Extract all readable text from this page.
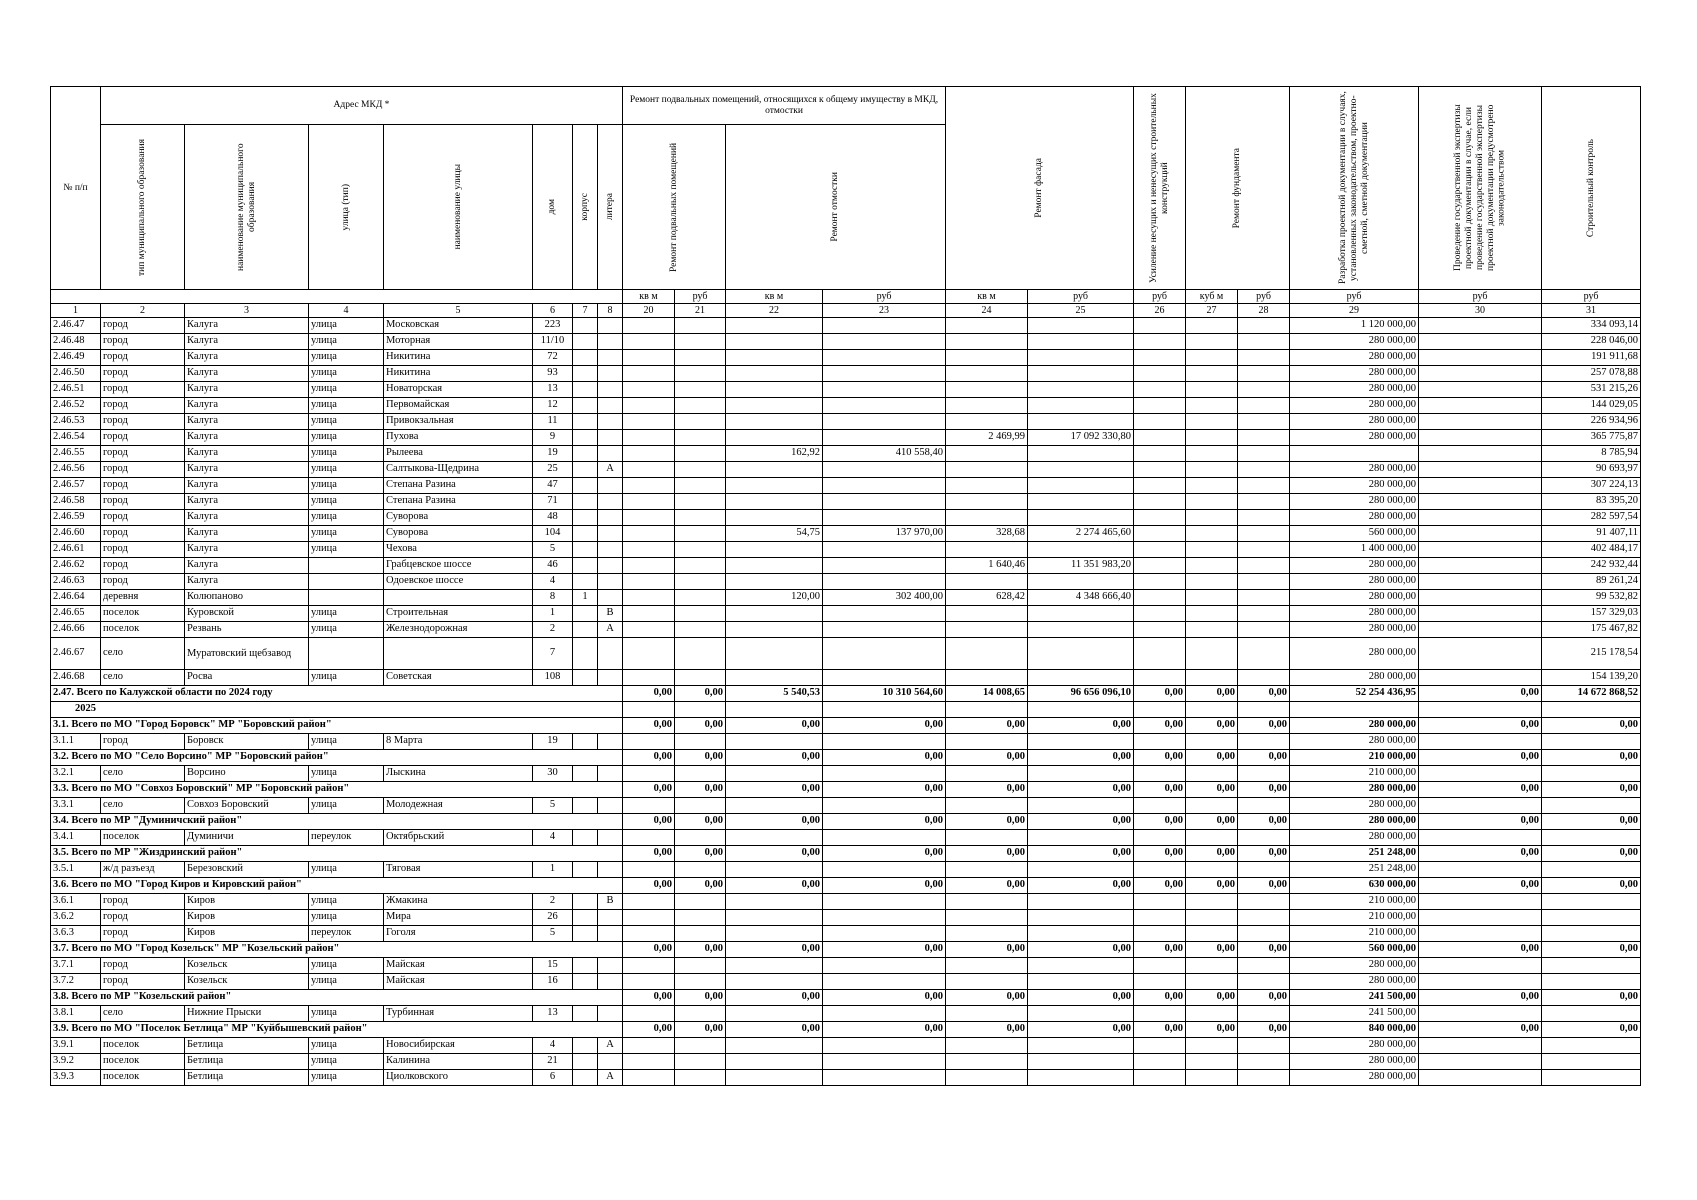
№ п/п	Адрес МКД *							Ремонт подвальных помещений, относящихся к общему имуществу в МКД, отмостки				Ремонт фасада		Усиление несущих и ненесущих строительных конструкций	Ремонт фундамента		Разработка проектной документации в случаях, установленных законодательством, проектно-сметной, сметной документации	Проведение государственной экспертизы проектной документации в случае, если проведение государственной экспертизы проектной документации предусмотрено законодательством	Строительный контроль

	тип муниципального образования	наименование муниципального образования	улица (тип)	наименование улицы	дом	корпус	литера	Ремонт подвальных помещений		Ремонт отмостки									

								кв м	руб	кв м	руб	кв м	руб	руб	куб м	руб	руб	руб	руб
1	2	3	4	5	6	7	8	20	21	22	23	24	25	26	27	28	29	30	31
2.46.47	город	Калуга	улица	Московская	223												1 120 000,00		334 093,14
2.46.48	город	Калуга	улица	Моторная	11/10												280 000,00		228 046,00
2.46.49	город	Калуга	улица	Никитина	72												280 000,00		191 911,68
2.46.50	город	Калуга	улица	Никитина	93												280 000,00		257 078,88
2.46.51	город	Калуга	улица	Новаторская	13												280 000,00		531 215,26
2.46.52	город	Калуга	улица	Первомайская	12												280 000,00		144 029,05
2.46.53	город	Калуга	улица	Привокзальная	11												280 000,00		226 934,96
2.46.54	город	Калуга	улица	Пухова	9							2 469,99	17 092 330,80				280 000,00		365 775,87
2.46.55	город	Калуга	улица	Рылеева	19					162,92	410 558,40								8 785,94
2.46.56	город	Калуга	улица	Салтыкова-Щедрина	25		А										280 000,00		90 693,97
2.46.57	город	Калуга	улица	Степана Разина	47												280 000,00		307 224,13
2.46.58	город	Калуга	улица	Степана Разина	71												280 000,00		83 395,20
2.46.59	город	Калуга	улица	Суворова	48												280 000,00		282 597,54
2.46.60	город	Калуга	улица	Суворова	104					54,75	137 970,00	328,68	2 274 465,60				560 000,00		91 407,11
2.46.61	город	Калуга	улица	Чехова	5												1 400 000,00		402 484,17
2.46.62	город	Калуга		Грабцевское шоссе	46							1 640,46	11 351 983,20				280 000,00		242 932,44
2.46.63	город	Калуга		Одоевское шоссе	4												280 000,00		89 261,24
2.46.64	деревня	Колюпаново			8	1				120,00	302 400,00	628,42	4 348 666,40				280 000,00		99 532,82
2.46.65	поселок	Куровской	улица	Строительная	1		В										280 000,00		157 329,03
2.46.66	поселок	Резвань	улица	Железнодорожная	2		А										280 000,00		175 467,82
2.46.67	село	Муратовский щебзавод			7												280 000,00		215 178,54
2.46.68	село	Росва	улица	Советская	108												280 000,00		154 139,20
2.47. Всего по Калужской области по 2024 году								0,00	0,00	5 540,53	10 310 564,60	14 008,65	96 656 096,10	0,00	0,00	0,00	52 254 436,95	0,00	14 672 868,52
2025																			
3.1. Всего по МО "Город Боровск" МР "Боровский район"								0,00	0,00	0,00	0,00	0,00	0,00	0,00	0,00	0,00	280 000,00	0,00	0,00
3.1.1	город	Боровск	улица	8 Марта	19												280 000,00		
3.2. Всего по МО "Село Ворсино" МР "Боровский район"								0,00	0,00	0,00	0,00	0,00	0,00	0,00	0,00	0,00	210 000,00	0,00	0,00
3.2.1	село	Ворсино	улица	Лыскина	30												210 000,00		
3.3. Всего по МО "Совхоз Боровский" МР "Боровский район"								0,00	0,00	0,00	0,00	0,00	0,00	0,00	0,00	0,00	280 000,00	0,00	0,00
3.3.1	село	Совхоз Боровский	улица	Молодежная	5												280 000,00		
3.4. Всего по МР "Думиничский район"								0,00	0,00	0,00	0,00	0,00	0,00	0,00	0,00	0,00	280 000,00	0,00	0,00
3.4.1	поселок	Думиничи	переулок	Октябрьский	4												280 000,00		
3.5. Всего по МР "Жиздринский район"								0,00	0,00	0,00	0,00	0,00	0,00	0,00	0,00	0,00	251 248,00	0,00	0,00
3.5.1	ж/д разъезд	Березовский	улица	Тяговая	1												251 248,00		
3.6. Всего по МО "Город Киров и Кировский район"								0,00	0,00	0,00	0,00	0,00	0,00	0,00	0,00	0,00	630 000,00	0,00	0,00
3.6.1	город	Киров	улица	Жмакина	2		В										210 000,00		
3.6.2	город	Киров	улица	Мира	26												210 000,00		
3.6.3	город	Киров	переулок	Гоголя	5												210 000,00		
3.7. Всего по МО "Город Козельск" МР "Козельский район"								0,00	0,00	0,00	0,00	0,00	0,00	0,00	0,00	0,00	560 000,00	0,00	0,00
3.7.1	город	Козельск	улица	Майская	15												280 000,00		
3.7.2	город	Козельск	улица	Майская	16												280 000,00		
3.8. Всего по МР "Козельский район"								0,00	0,00	0,00	0,00	0,00	0,00	0,00	0,00	0,00	241 500,00	0,00	0,00
3.8.1	село	Нижние Прыски	улица	Турбинная	13												241 500,00		
3.9. Всего по МО "Поселок Бетлица" МР "Куйбышевский район"								0,00	0,00	0,00	0,00	0,00	0,00	0,00	0,00	0,00	840 000,00	0,00	0,00
3.9.1	поселок	Бетлица	улица	Новосибирская	4		А										280 000,00		
3.9.2	поселок	Бетлица	улица	Калинина	21												280 000,00		
3.9.3	поселок	Бетлица	улица	Циолковского	6		А										280 000,00		
